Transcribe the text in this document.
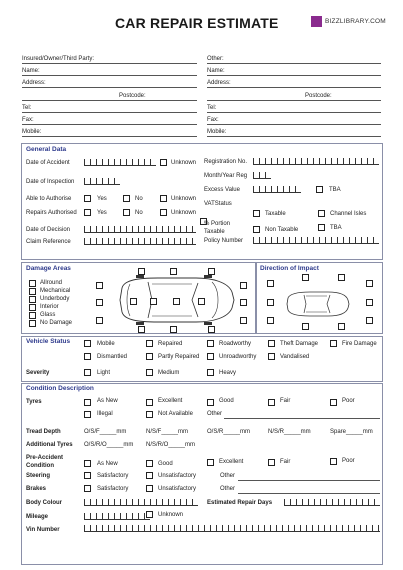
CAR REPAIR ESTIMATE	BIZZLIBRARY.COM
Insured/Owner/Third Party:
Name:
Address:
Postcode:
Tel:
Fax:
Mobile:
Other:
Name:
Address:
Postcode:
Tel:
Fax:
Mobile:
General Data
Date of Accident	Unknown
Date of Inspection
Able to Authorise	Yes	No	Unknown
Repairs Authorised	Yes	No	Unknown
Date of Decision
Claim Reference
Registration No.
Month/Year Reg
Excess Value	TBA
VATStatus
Taxable	Channel Isles
% Portion
Taxable	Non Taxable	TBA
Policy Number
Damage Areas
Allround
Mechanical
Underbody
Interior
Glass
No Damage
Direction of Impact
Vehicle Status	Mobile	Repaired	Roadworthy	Theft Damage	Fire Damage
Dismantled	Partly Repaired	Unroadworthy	Vandalised
Severity	Light	Medium	Heavy
Condition Description
Tyres	As New	Excellent	Good	Fair	Poor
Illegal	Not Available Other
Tread Depth	O/S/F_____mm	N/S/F_____mm	O/S/R_____mm	N/S/R_____mm	Spare_____mm
Additional Tyres O/S/R/O_____mm N/S/R/O_____mm
Pre-Accident
Condition	As New	Good	Excellent	Fair	Poor
Steering	Satisfactory	Unsatisfactory	Other
Brakes	Satisfactory	Unsatisfactory	Other
Body Colour	Estimated Repair Days
Mileage	Unknown
Vin Number
